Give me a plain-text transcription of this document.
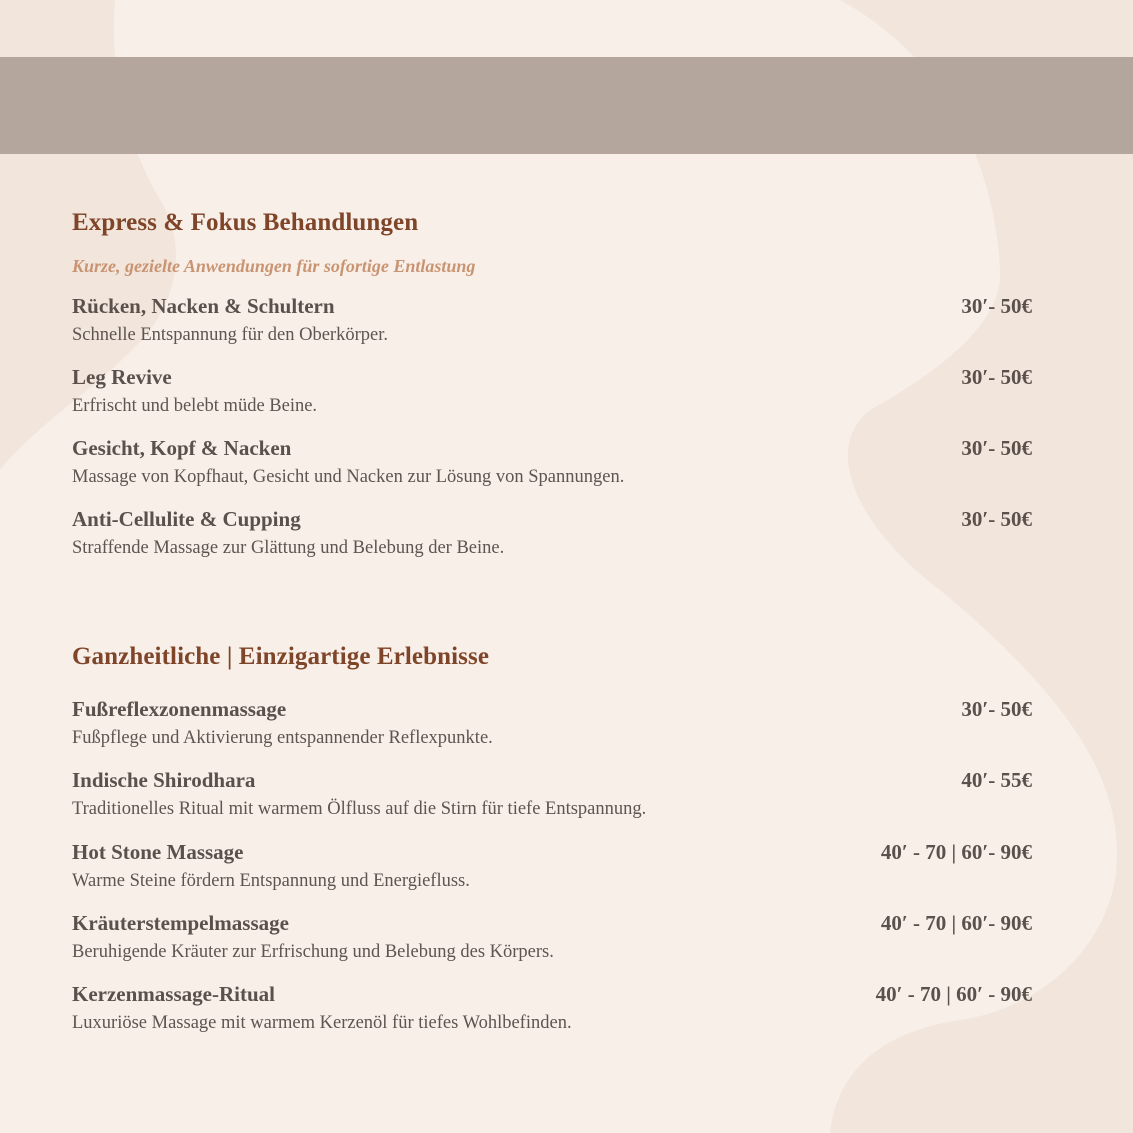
Express & Fokus Behandlungen

Kurze, gezielte Anwendungen für sofortige Entlastung

Rücken, Nacken & Schultern	30′- 50€
Schnelle Entspannung für den Oberkörper.
Leg Revive	30′- 50€
Erfrischt und belebt müde Beine.
Gesicht, Kopf & Nacken	30′- 50€
Massage von Kopfhaut, Gesicht und Nacken zur Lösung von Spannungen.
Anti-Cellulite & Cupping	30′- 50€
Straffende Massage zur Glättung und Belebung der Beine.
Ganzheitliche | Einzigartige Erlebnisse
Fußreflexzonenmassage	30′- 50€
Fußpflege und Aktivierung entspannender Reflexpunkte.
Indische Shirodhara	40′- 55€
Traditionelles Ritual mit warmem Ölfluss auf die Stirn für tiefe Entspannung.
Hot Stone Massage	40′ - 70 | 60′- 90€
Warme Steine fördern Entspannung und Energiefluss.
Kräuterstempelmassage	40′ - 70 | 60′- 90€
Beruhigende Kräuter zur Erfrischung und Belebung des Körpers.
Kerzenmassage-Ritual	40′ - 70 | 60′ - 90€
Luxuriöse Massage mit warmem Kerzenöl für tiefes Wohlbefinden.
